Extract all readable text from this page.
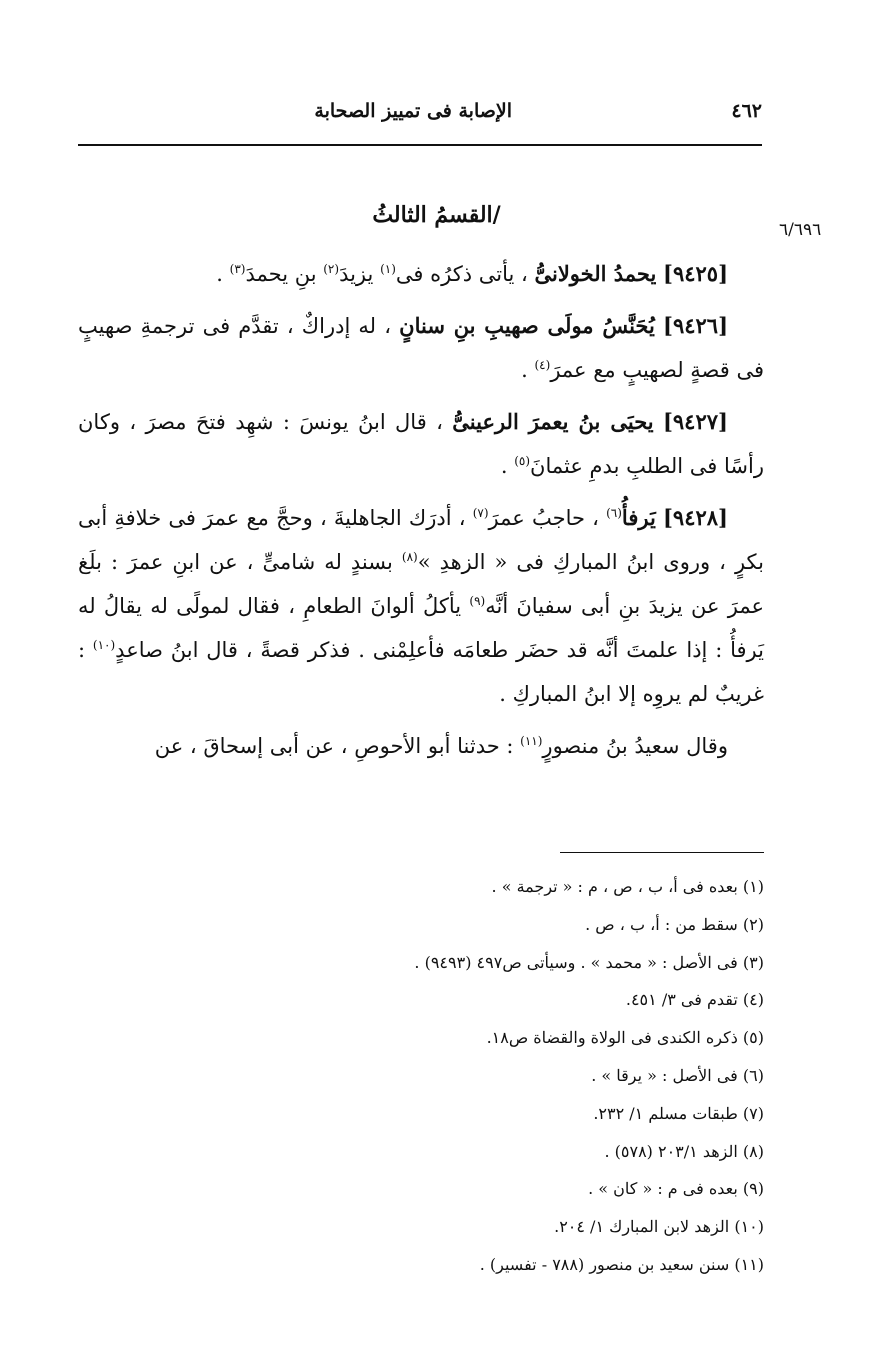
٤٦٢
الإصابة فى تمييز الصحابة
٦/٦٩٦
/القسمُ الثالثُ

[٩٤٢٥] يحمدُ الخولانىُّ ، يأتى ذكرُه فى$^{(١)}$ يزيدَ$^{(٢)}$ بنِ يحمدَ$^{(٣)}$ .

[٩٤٢٦] يُحَنَّسُ مولَى صهيبِ بنِ سنانٍ ، له إدراكٌ ، تقدَّم فى ترجمةِ صهيبٍ فى قصةٍ لصهيبٍ مع عمرَ$^{(٤)}$ .

[٩٤٢٧] يحيَى بنُ يعمرَ الرعينىُّ ، قال ابنُ يونسَ : شهِد فتحَ مصرَ ، وكان رأسًا فى الطلبِ بدمِ عثمانَ$^{(٥)}$ .

[٩٤٢٨] يَرفأُ$^{(٦)}$ ، حاجبُ عمرَ$^{(٧)}$ ، أدرَك الجاهليةَ ، وحجَّ مع عمرَ فى خلافةِ أبى بكرٍ ، وروى ابنُ المباركِ فى « الزهدِ »$^{(٨)}$ بسندٍ له شامىٍّ ، عن ابنِ عمرَ : بلَغ عمرَ عن يزيدَ بنِ أبى سفيانَ أنَّه$^{(٩)}$ يأكلُ ألوانَ الطعامِ ، فقال لمولًى له يقالُ له يَرفأُ : إذا علمتَ أنَّه قد حضَر طعامَه فأعلِمْنى . فذكر قصةً ، قال ابنُ صاعدٍ$^{(١٠)}$ : غريبٌ لم يروِه إلا ابنُ المباركِ .

وقال سعيدُ بنُ منصورٍ$^{(١١)}$ : حدثنا أبو الأحوصِ ، عن أبى إسحاقَ ، عن

(١) بعده فى أ، ب ، ص ، م : « ترجمة » .
(٢) سقط من : أ، ب ، ص .
(٣) فى الأصل : « محمد » . وسيأتى ص٤٩٧ (٩٤٩٣) .
(٤) تقدم فى ٣/ ٤٥١.
(٥) ذكره الكندى فى الولاة والقضاة ص١٨.
(٦) فى الأصل : « يرقا » .
(٧) طبقات مسلم ١/ ٢٣٢.
(٨) الزهد ٢٠٣/١ (٥٧٨) .
(٩) بعده فى م : « كان » .
(١٠) الزهد لابن المبارك ١/ ٢٠٤.
(١١) سنن سعيد بن منصور (٧٨٨ - تفسير) .
